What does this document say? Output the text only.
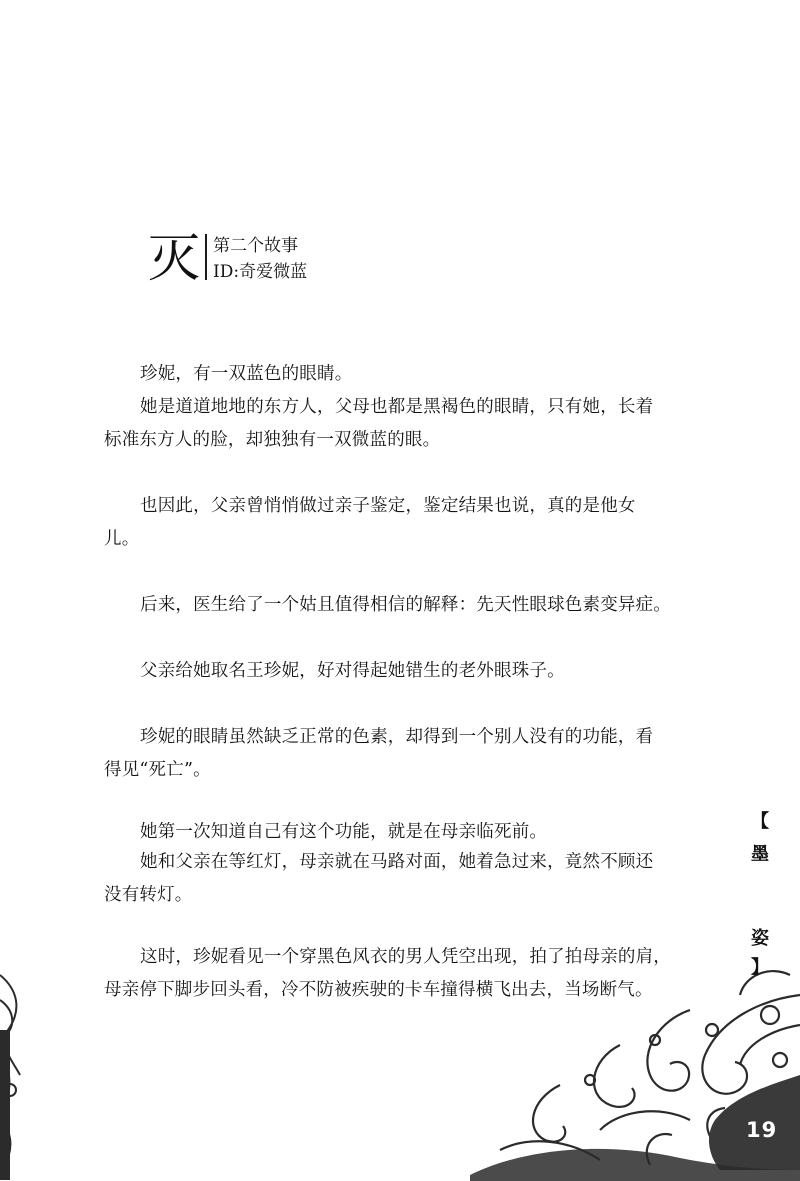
灭 第二个故事
ID:奇爱微蓝

珍妮，有一双蓝色的眼睛。

她是道道地地的东方人，父母也都是黑褐色的眼睛，只有她，长着
标准东方人的脸，却独独有一双微蓝的眼。

也因此，父亲曾悄悄做过亲子鉴定，鉴定结果也说，真的是他女
儿。

后来，医生给了一个姑且值得相信的解释：先天性眼球色素变异症。

父亲给她取名王珍妮，好对得起她错生的老外眼珠子。

珍妮的眼睛虽然缺乏正常的色素，却得到一个别人没有的功能，看
得见“死亡”。

她第一次知道自己有这个功能，就是在母亲临死前。

她和父亲在等红灯，母亲就在马路对面，她着急过来，竟然不顾还
没有转灯。

这时，珍妮看见一个穿黑色风衣的男人凭空出现，拍了拍母亲的肩，
母亲停下脚步回头看，冷不防被疾驶的卡车撞得横飞出去，当场断气。

【
墨
姿
】
19
